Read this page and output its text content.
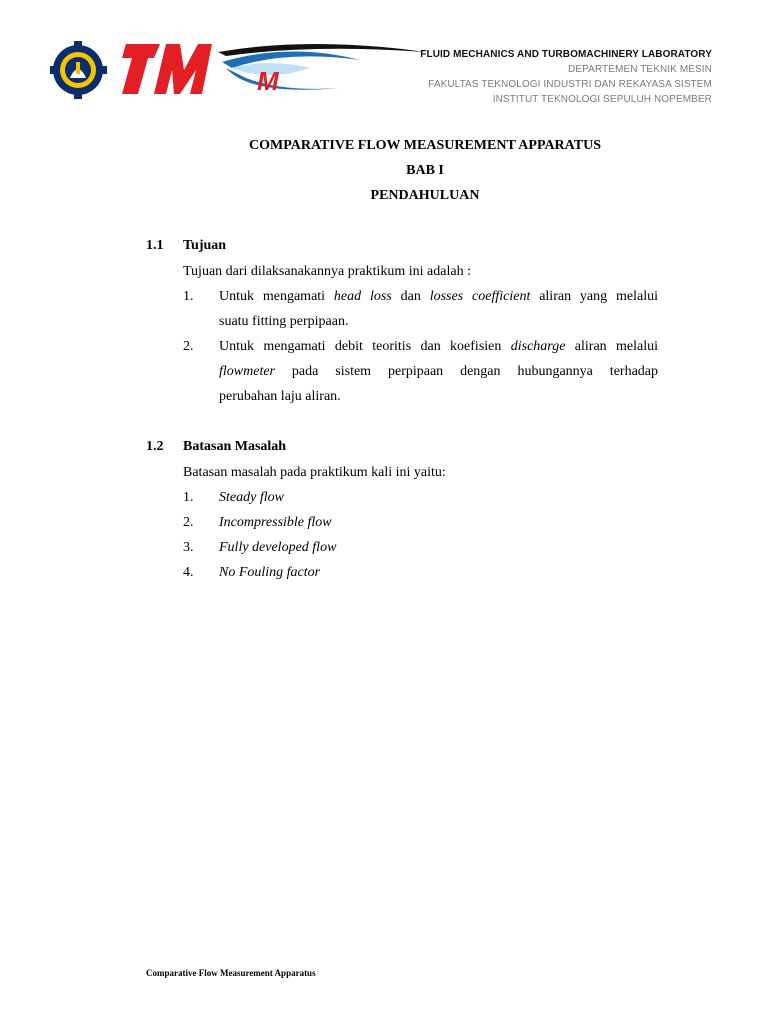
M
FLUID MECHANICS AND TURBOMACHINERY LABORATORY
DEPARTEMEN TEKNIK MESIN
FAKULTAS TEKNOLOGI INDUSTRI DAN REKAYASA SISTEM
INSTITUT TEKNOLOGI SEPULUH NOPEMBER
COMPARATIVE FLOW MEASUREMENT APPARATUS
BAB I
PENDAHULUAN
1.1 Tujuan
Tujuan dari dilaksanakannya praktikum ini adalah :
1. Untuk mengamati head loss dan losses coefficient aliran yang melalui
suatu fitting perpipaan.
2. Untuk mengamati debit teoritis dan koefisien discharge aliran melalui
flowmeter pada sistem perpipaan dengan hubungannya terhadap
perubahan laju aliran.
1.2 Batasan Masalah
Batasan masalah pada praktikum kali ini yaitu:
1. Steady flow
2. Incompressible flow
3. Fully developed flow
4. No Fouling factor
Comparative Flow Measurement Apparatus
